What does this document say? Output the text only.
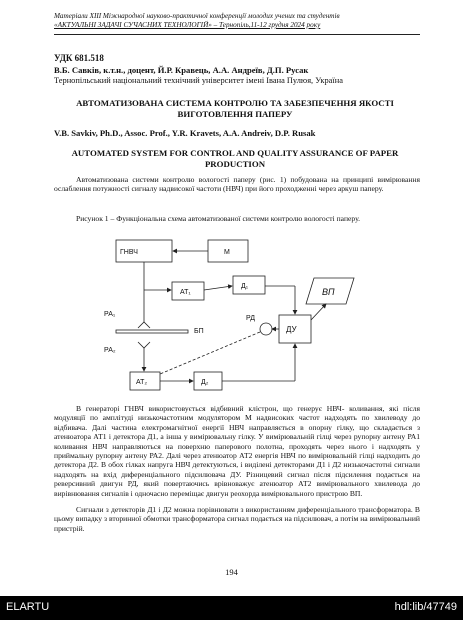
Матеріали XIII Міжнародної науково-практичної конференції молодих учених та студентів
«АКТУАЛЬНІ ЗАДАЧІ СУЧАСНИХ ТЕХНОЛОГІЙ» – Тернопіль,11-12 грудня 2024 року
УДК 681.518
В.Б. Савків, к.т.н., доцент, Й.Р. Кравець, А.А. Андреїв, Д.П. Русак
Тернопільський національний технічний університет імені Івана Пулюя, Україна
АВТОМАТИЗОВАНА СИСТЕМА КОНТРОЛЮ ТА ЗАБЕЗПЕЧЕННЯ ЯКОСТІ ВИГОТОВЛЕННЯ ПАПЕРУ
V.B. Savkiv, Ph.D., Assoc. Prof., Y.R. Kravets, A.A. Andreiv, D.P. Rusak
AUTOMATED SYSTEM FOR CONTROL AND QUALITY ASSURANCE OF PAPER PRODUCTION
Автоматизована системи контролю вологості паперу (рис. 1) побудована на принципі вимірювання ослаблення потужності сигналу надвисокої частоти (НВЧ) при його проходженні через аркуш паперу.
Рисунок 1 – Функціональна схема автоматизованої системи контролю вологості паперу.
ГНВЧ	М
АТ₁
Д₁
ВП
РА₁
БП
РД
ДУ
РА₂
АТ₂	Д₂
В генераторі ГНВЧ використовується відбивний клістрон, що генерує НВЧ- коливання, які після модуляції по амплітуді низькочастотним модулятором М надвисоких частот надходять по хвилеводу до відбивача. Далі частина електромагнітної енергії НВЧ направляється в опорну гілку, що складається з атенюатора АТ1 і детектора Д1, а інша у вимірювальну гілку. У вимірювальній гілці через рупорну антену РА1 коливання НВЧ направляються на поверхню паперового полотна, проходять через нього і надходять у приймальну рупорну антену РА2. Далі через атенюатор АТ2 енергія НВЧ по вимірювальній гілці надходить до детектора Д2. В обох гілках напруга НВЧ детектуються, і виділені детекторами Д1 і Д2 низькочастотні сигнали надходять на вхід диференціального підсилювача ДУ. Різницевий сигнал після підсилення подається на реверсивний двигун РД, який повертаючись врівноважує атенюатор АТ2 вимірювального хвилевода до вирівнювання сигналів і одночасно переміщає двигун реохорда вимірювального пристрою ВП.
Сигнали з детекторів Д1 і Д2 можна порівнювати з використанням диференціального трансформатора. В цьому випадку з вторинної обмотки трансформатора сигнал подається на підсилювач, а потім на вимірювальний пристрій.
194
ELARTU	hdl:lib/47749
